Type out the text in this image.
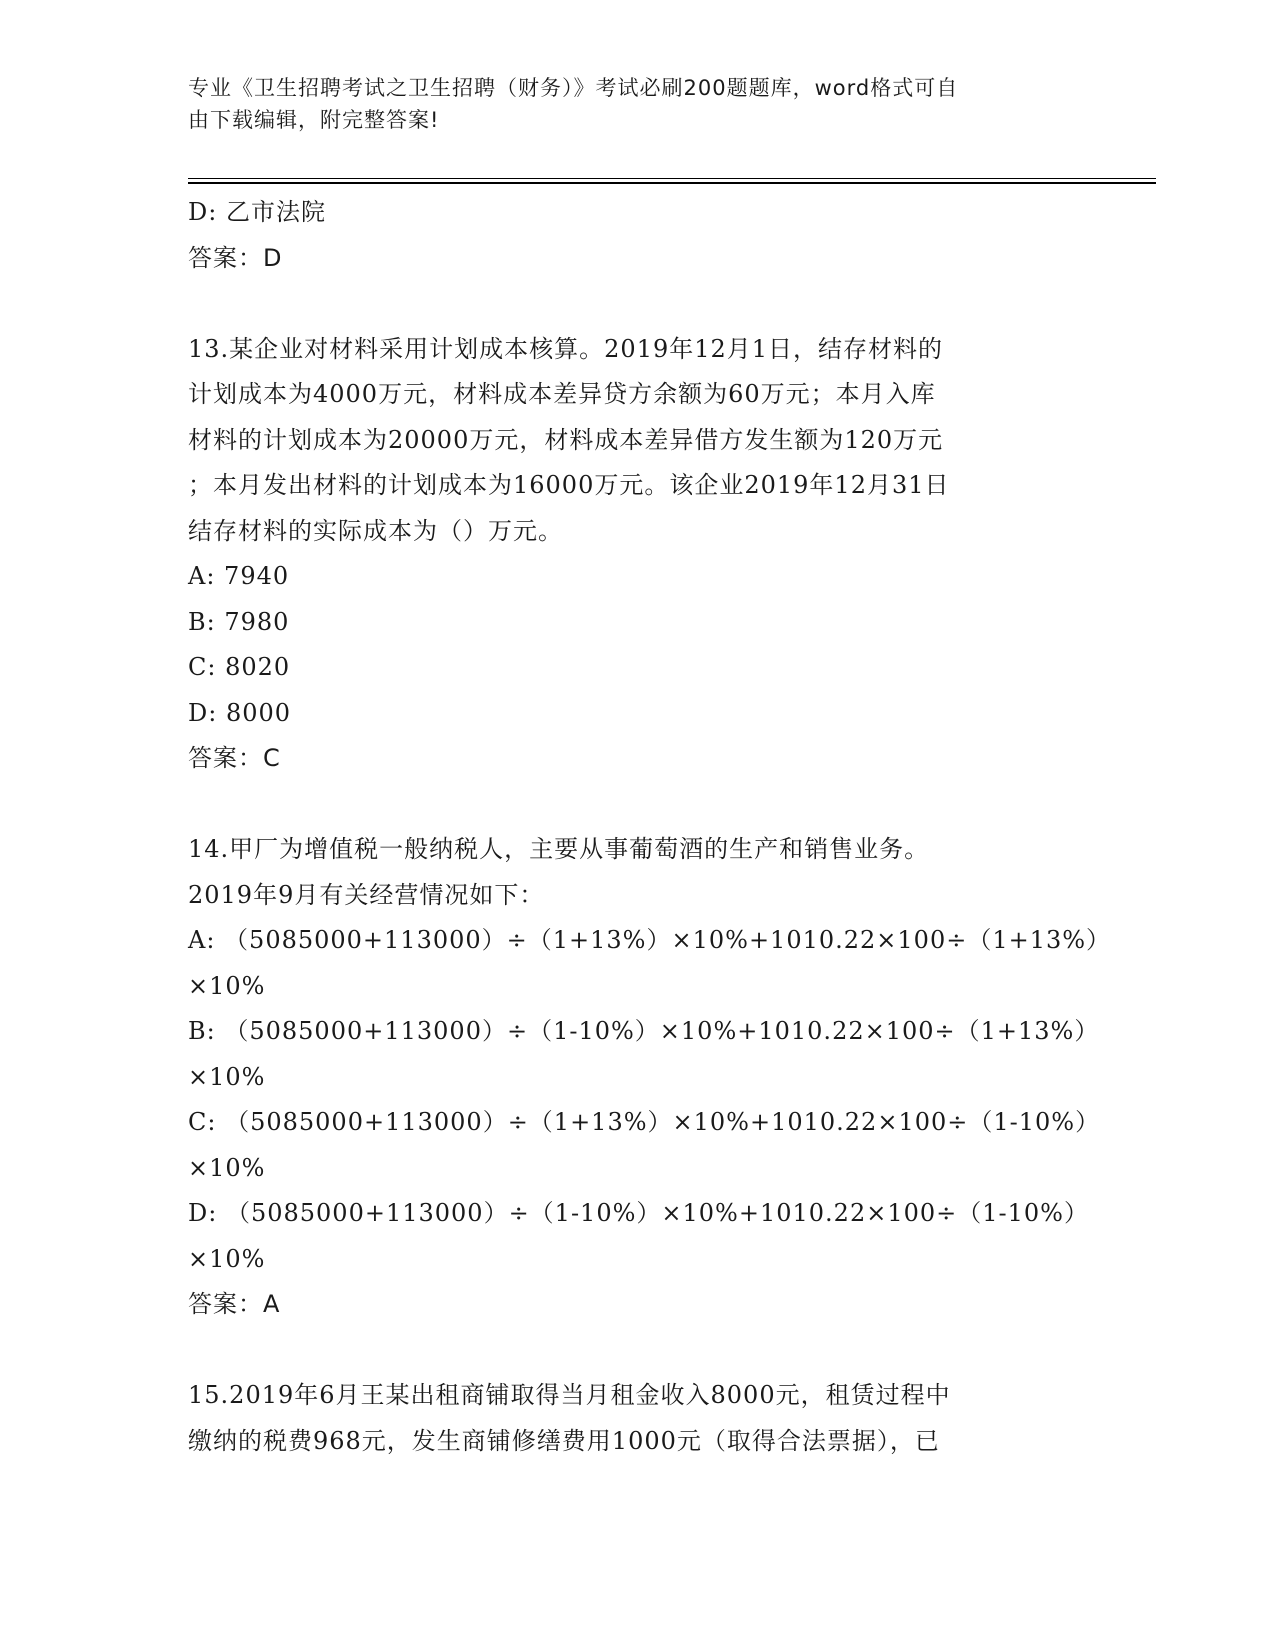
专业《卫生招聘考试之卫生招聘（财务）》考试必刷200题题库，word格式可自
由下载编辑，附完整答案!
D: 乙市法院
答案：D
13.某企业对材料采用计划成本核算。2019年12月1日，结存材料的
计划成本为4000万元，材料成本差异贷方余额为60万元；本月入库
材料的计划成本为20000万元，材料成本差异借方发生额为120万元
；本月发出材料的计划成本为16000万元。该企业2019年12月31日
结存材料的实际成本为（）万元。
A: 7940
B: 7980
C: 8020
D: 8000
答案：C
14.甲厂为增值税一般纳税人，主要从事葡萄酒的生产和销售业务。
2019年9月有关经营情况如下：
A: （5085000+113000）÷（1+13%）×10%+1010.22×100÷（1+13%）
×10%
B: （5085000+113000）÷（1-10%）×10%+1010.22×100÷（1+13%）
×10%
C: （5085000+113000）÷（1+13%）×10%+1010.22×100÷（1-10%）
×10%
D: （5085000+113000）÷（1-10%）×10%+1010.22×100÷（1-10%）
×10%
答案：A
15.2019年6月王某出租商铺取得当月租金收入8000元，租赁过程中
缴纳的税费968元，发生商铺修缮费用1000元（取得合法票据），已
